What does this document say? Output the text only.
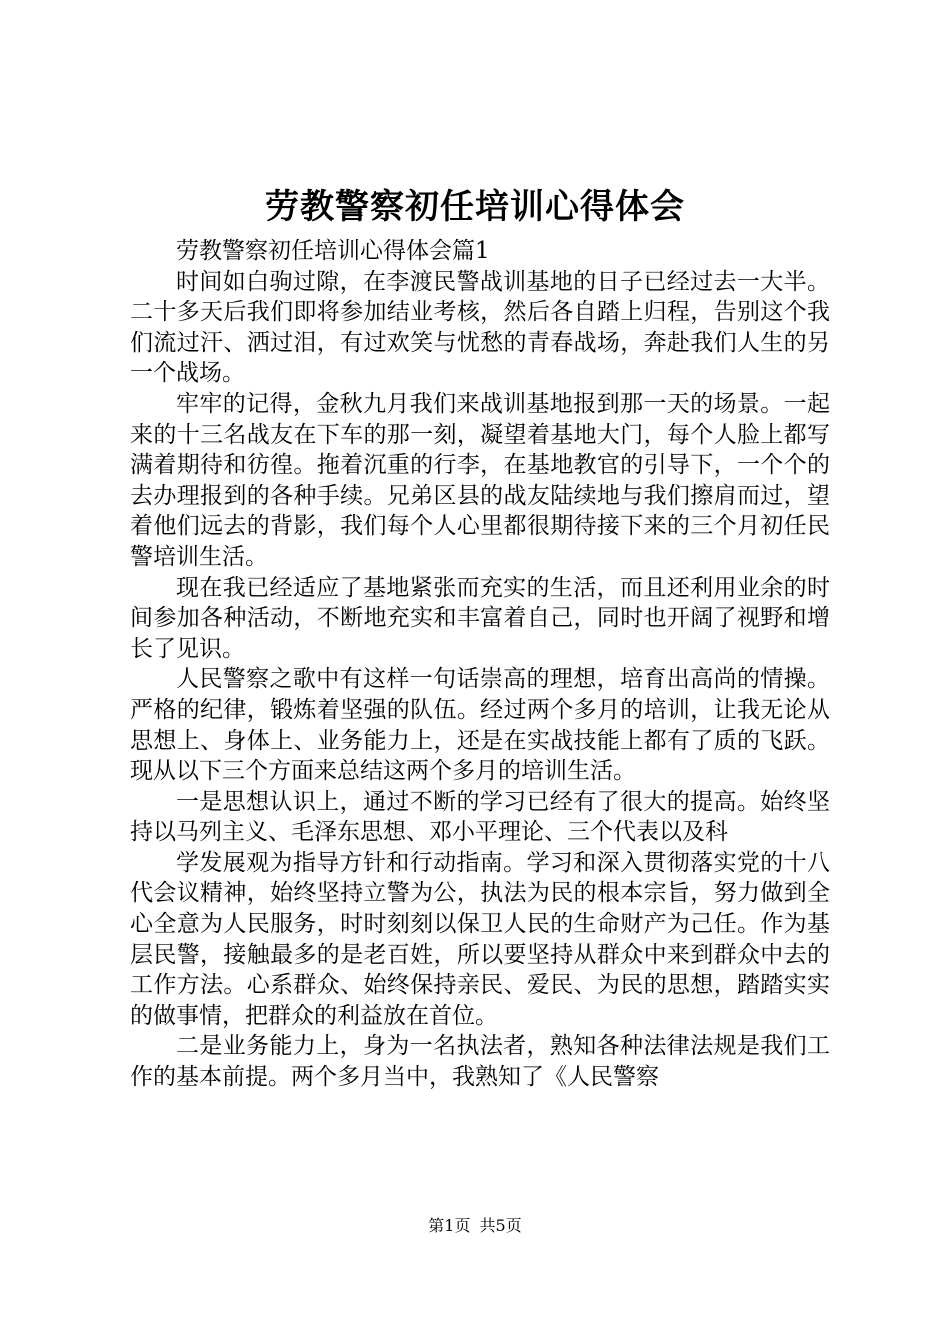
劳教警察初任培训心得体会

劳教警察初任培训心得体会篇1

时间如白驹过隙，在李渡民警战训基地的日子已经过去一大半。二十多天后我们即将参加结业考核，然后各自踏上归程，告别这个我们流过汗、洒过泪，有过欢笑与忧愁的青春战场，奔赴我们人生的另一个战场。

牢牢的记得，金秋九月我们来战训基地报到那一天的场景。一起来的十三名战友在下车的那一刻，凝望着基地大门，每个人脸上都写满着期待和彷徨。拖着沉重的行李，在基地教官的引导下，一个个的去办理报到的各种手续。兄弟区县的战友陆续地与我们擦肩而过，望着他们远去的背影，我们每个人心里都很期待接下来的三个月初任民警培训生活。

现在我已经适应了基地紧张而充实的生活，而且还利用业余的时间参加各种活动，不断地充实和丰富着自己，同时也开阔了视野和增长了见识。

人民警察之歌中有这样一句话崇高的理想，培育出高尚的情操。严格的纪律，锻炼着坚强的队伍。经过两个多月的培训，让我无论从思想上、身体上、业务能力上，还是在实战技能上都有了质的飞跃。现从以下三个方面来总结这两个多月的培训生活。

一是思想认识上，通过不断的学习已经有了很大的提高。始终坚持以马列主义、毛泽东思想、邓小平理论、三个代表以及科

学发展观为指导方针和行动指南。学习和深入贯彻落实党的十八代会议精神，始终坚持立警为公，执法为民的根本宗旨，努力做到全心全意为人民服务，时时刻刻以保卫人民的生命财产为己任。作为基层民警，接触最多的是老百姓，所以要坚持从群众中来到群众中去的工作方法。心系群众、始终保持亲民、爱民、为民的思想，踏踏实实的做事情，把群众的利益放在首位。

二是业务能力上，身为一名执法者，熟知各种法律法规是我们工作的基本前提。两个多月当中，我熟知了《人民警察

第1页 共5页
